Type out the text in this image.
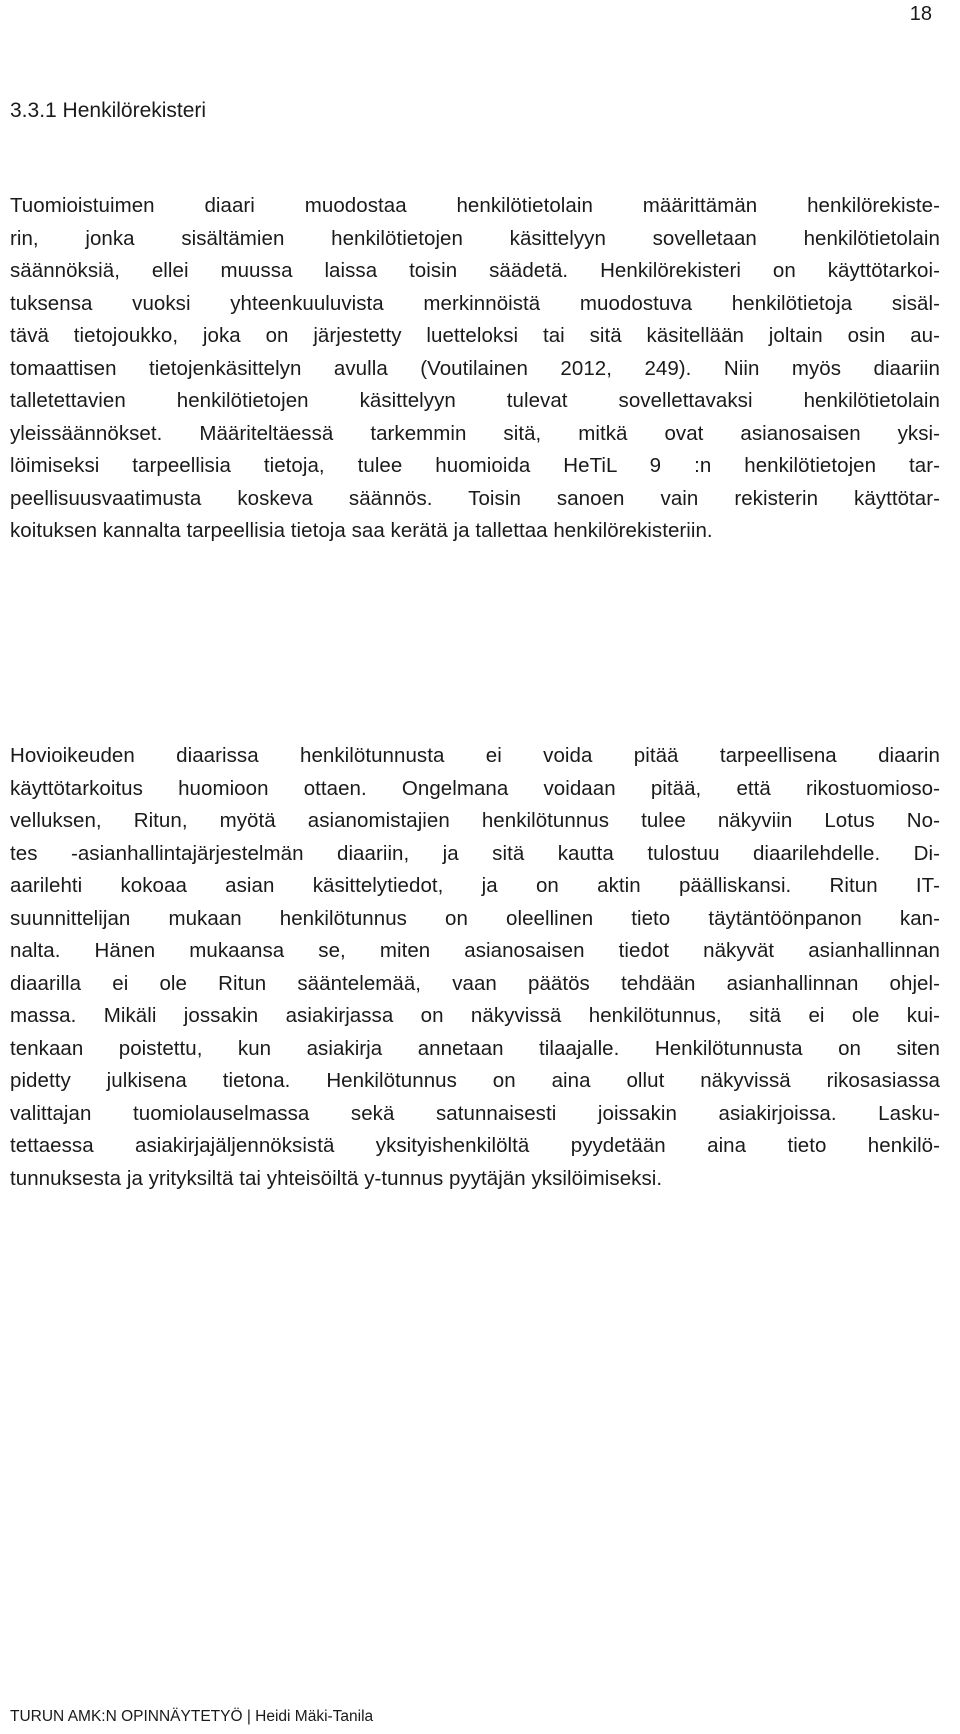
18
3.3.1 Henkilörekisteri
Tuomioistuimen diaari muodostaa henkilötietolain määrittämän henkilörekiste-
rin, jonka sisältämien henkilötietojen käsittelyyn sovelletaan henkilötietolain
säännöksiä, ellei muussa laissa toisin säädetä. Henkilörekisteri on käyttötarkoi-
tuksensa vuoksi yhteenkuuluvista merkinnöistä muodostuva henkilötietoja sisäl-
tävä tietojoukko, joka on järjestetty luetteloksi tai sitä käsitellään joltain osin au-
tomaattisen tietojenkäsittelyn avulla (Voutilainen 2012, 249). Niin myös diaariin
talletettavien henkilötietojen käsittelyyn tulevat sovellettavaksi henkilötietolain
yleissäännökset. Määriteltäessä tarkemmin sitä, mitkä ovat asianosaisen yksi-
löimiseksi tarpeellisia tietoja, tulee huomioida HeTiL 9 :n henkilötietojen tar-
peellisuusvaatimusta koskeva säännös. Toisin sanoen vain rekisterin käyttötar-
koituksen kannalta tarpeellisia tietoja saa kerätä ja tallettaa henkilörekisteriin.
Hovioikeuden diaarissa henkilötunnusta ei voida pitää tarpeellisena diaarin
käyttötarkoitus huomioon ottaen. Ongelmana voidaan pitää, että rikostuomioso-
velluksen, Ritun, myötä asianomistajien henkilötunnus tulee näkyviin Lotus No-
tes -asianhallintajärjestelmän diaariin, ja sitä kautta tulostuu diaarilehdelle. Di-
aarilehti kokoaa asian käsittelytiedot, ja on aktin päälliskansi. Ritun IT-
suunnittelijan mukaan henkilötunnus on oleellinen tieto täytäntöönpanon kan-
nalta. Hänen mukaansa se, miten asianosaisen tiedot näkyvät asianhallinnan
diaarilla ei ole Ritun sääntelemää, vaan päätös tehdään asianhallinnan ohjel-
massa. Mikäli jossakin asiakirjassa on näkyvissä henkilötunnus, sitä ei ole kui-
tenkaan poistettu, kun asiakirja annetaan tilaajalle. Henkilötunnusta on siten
pidetty julkisena tietona. Henkilötunnus on aina ollut näkyvissä rikosasiassa
valittajan tuomiolauselmassa sekä satunnaisesti joissakin asiakirjoissa. Lasku-
tettaessa asiakirjajäljennöksistä yksityishenkilöltä pyydetään aina tieto henkilö-
tunnuksesta ja yrityksiltä tai yhteisöiltä y-tunnus pyytäjän yksilöimiseksi.
TURUN AMK:N OPINNÄYTETYÖ | Heidi Mäki-Tanila
